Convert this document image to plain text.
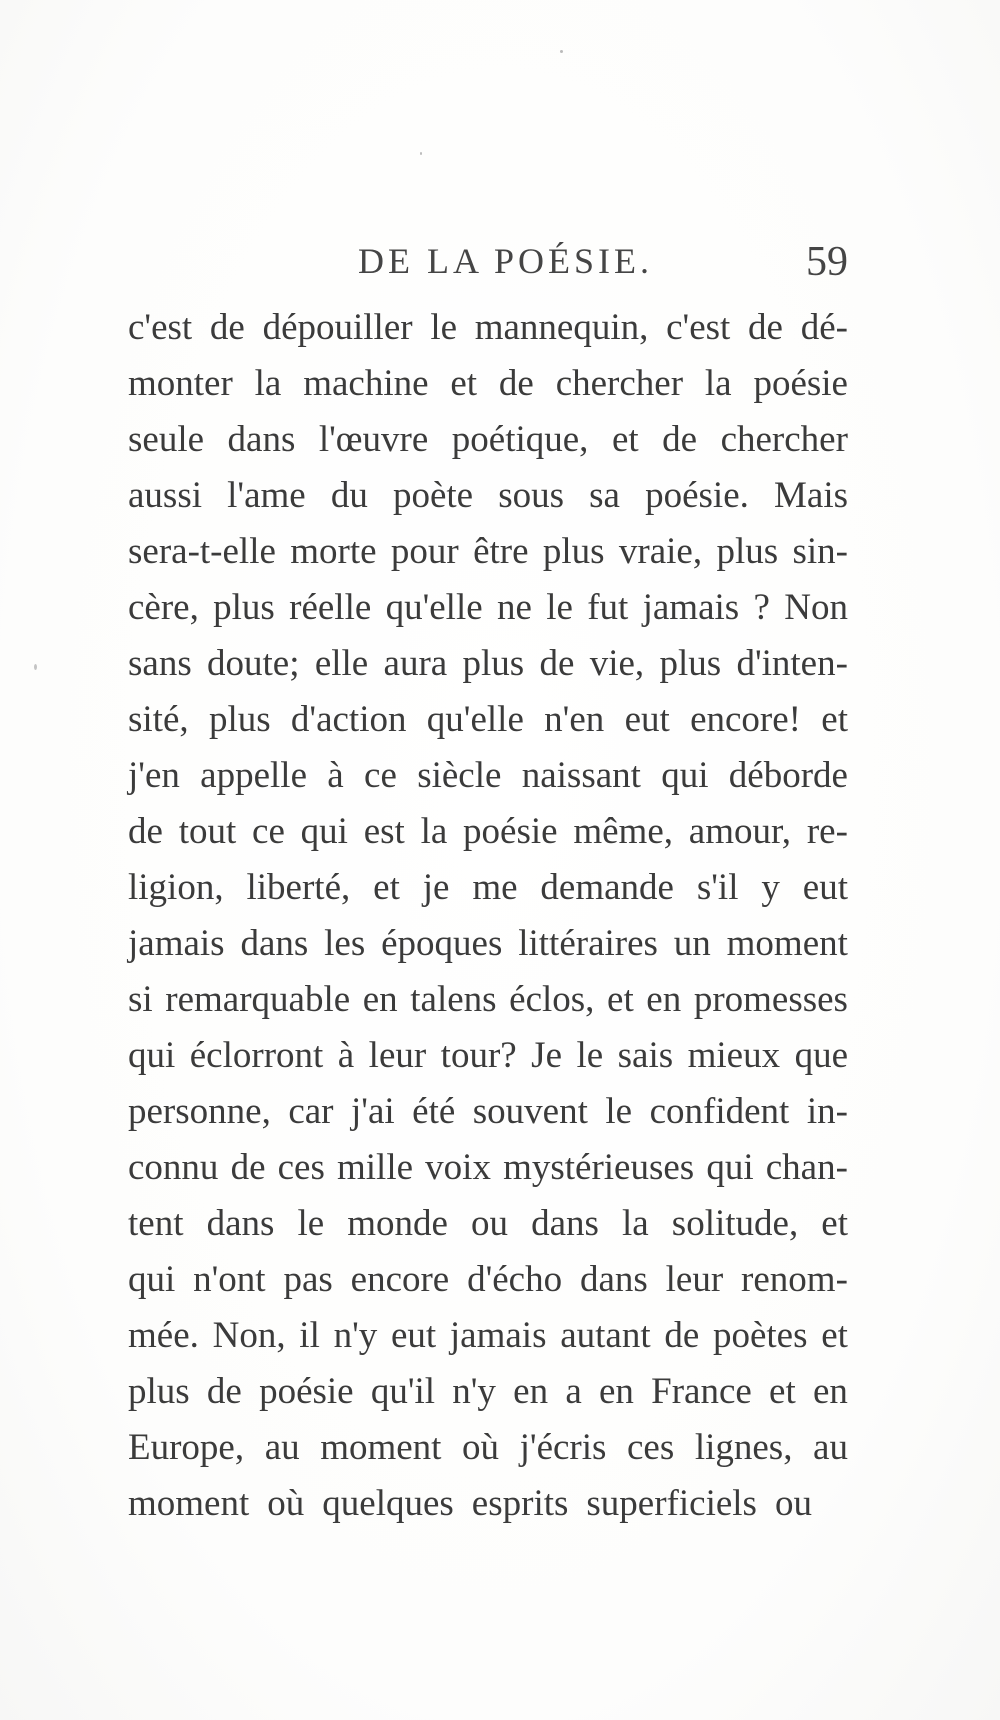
DE LA POÉSIE.	59
c'est de dépouiller le mannequin, c'est de dé-
monter la machine et de chercher la poésie
seule dans l'œuvre poétique, et de chercher
aussi l'ame du poète sous sa poésie. Mais
sera-t-elle morte pour être plus vraie, plus sin-
cère, plus réelle qu'elle ne le fut jamais ? Non
sans doute; elle aura plus de vie, plus d'inten-
sité, plus d'action qu'elle n'en eut encore! et
j'en appelle à ce siècle naissant qui déborde
de tout ce qui est la poésie même, amour, re-
ligion, liberté, et je me demande s'il y eut
jamais dans les époques littéraires un moment
si remarquable en talens éclos, et en promesses
qui éclorront à leur tour? Je le sais mieux que
personne, car j'ai été souvent le confident in-
connu de ces mille voix mystérieuses qui chan-
tent dans le monde ou dans la solitude, et
qui n'ont pas encore d'écho dans leur renom-
mée. Non, il n'y eut jamais autant de poètes et
plus de poésie qu'il n'y en a en France et en
Europe, au moment où j'écris ces lignes, au
moment où quelques esprits superficiels ou
